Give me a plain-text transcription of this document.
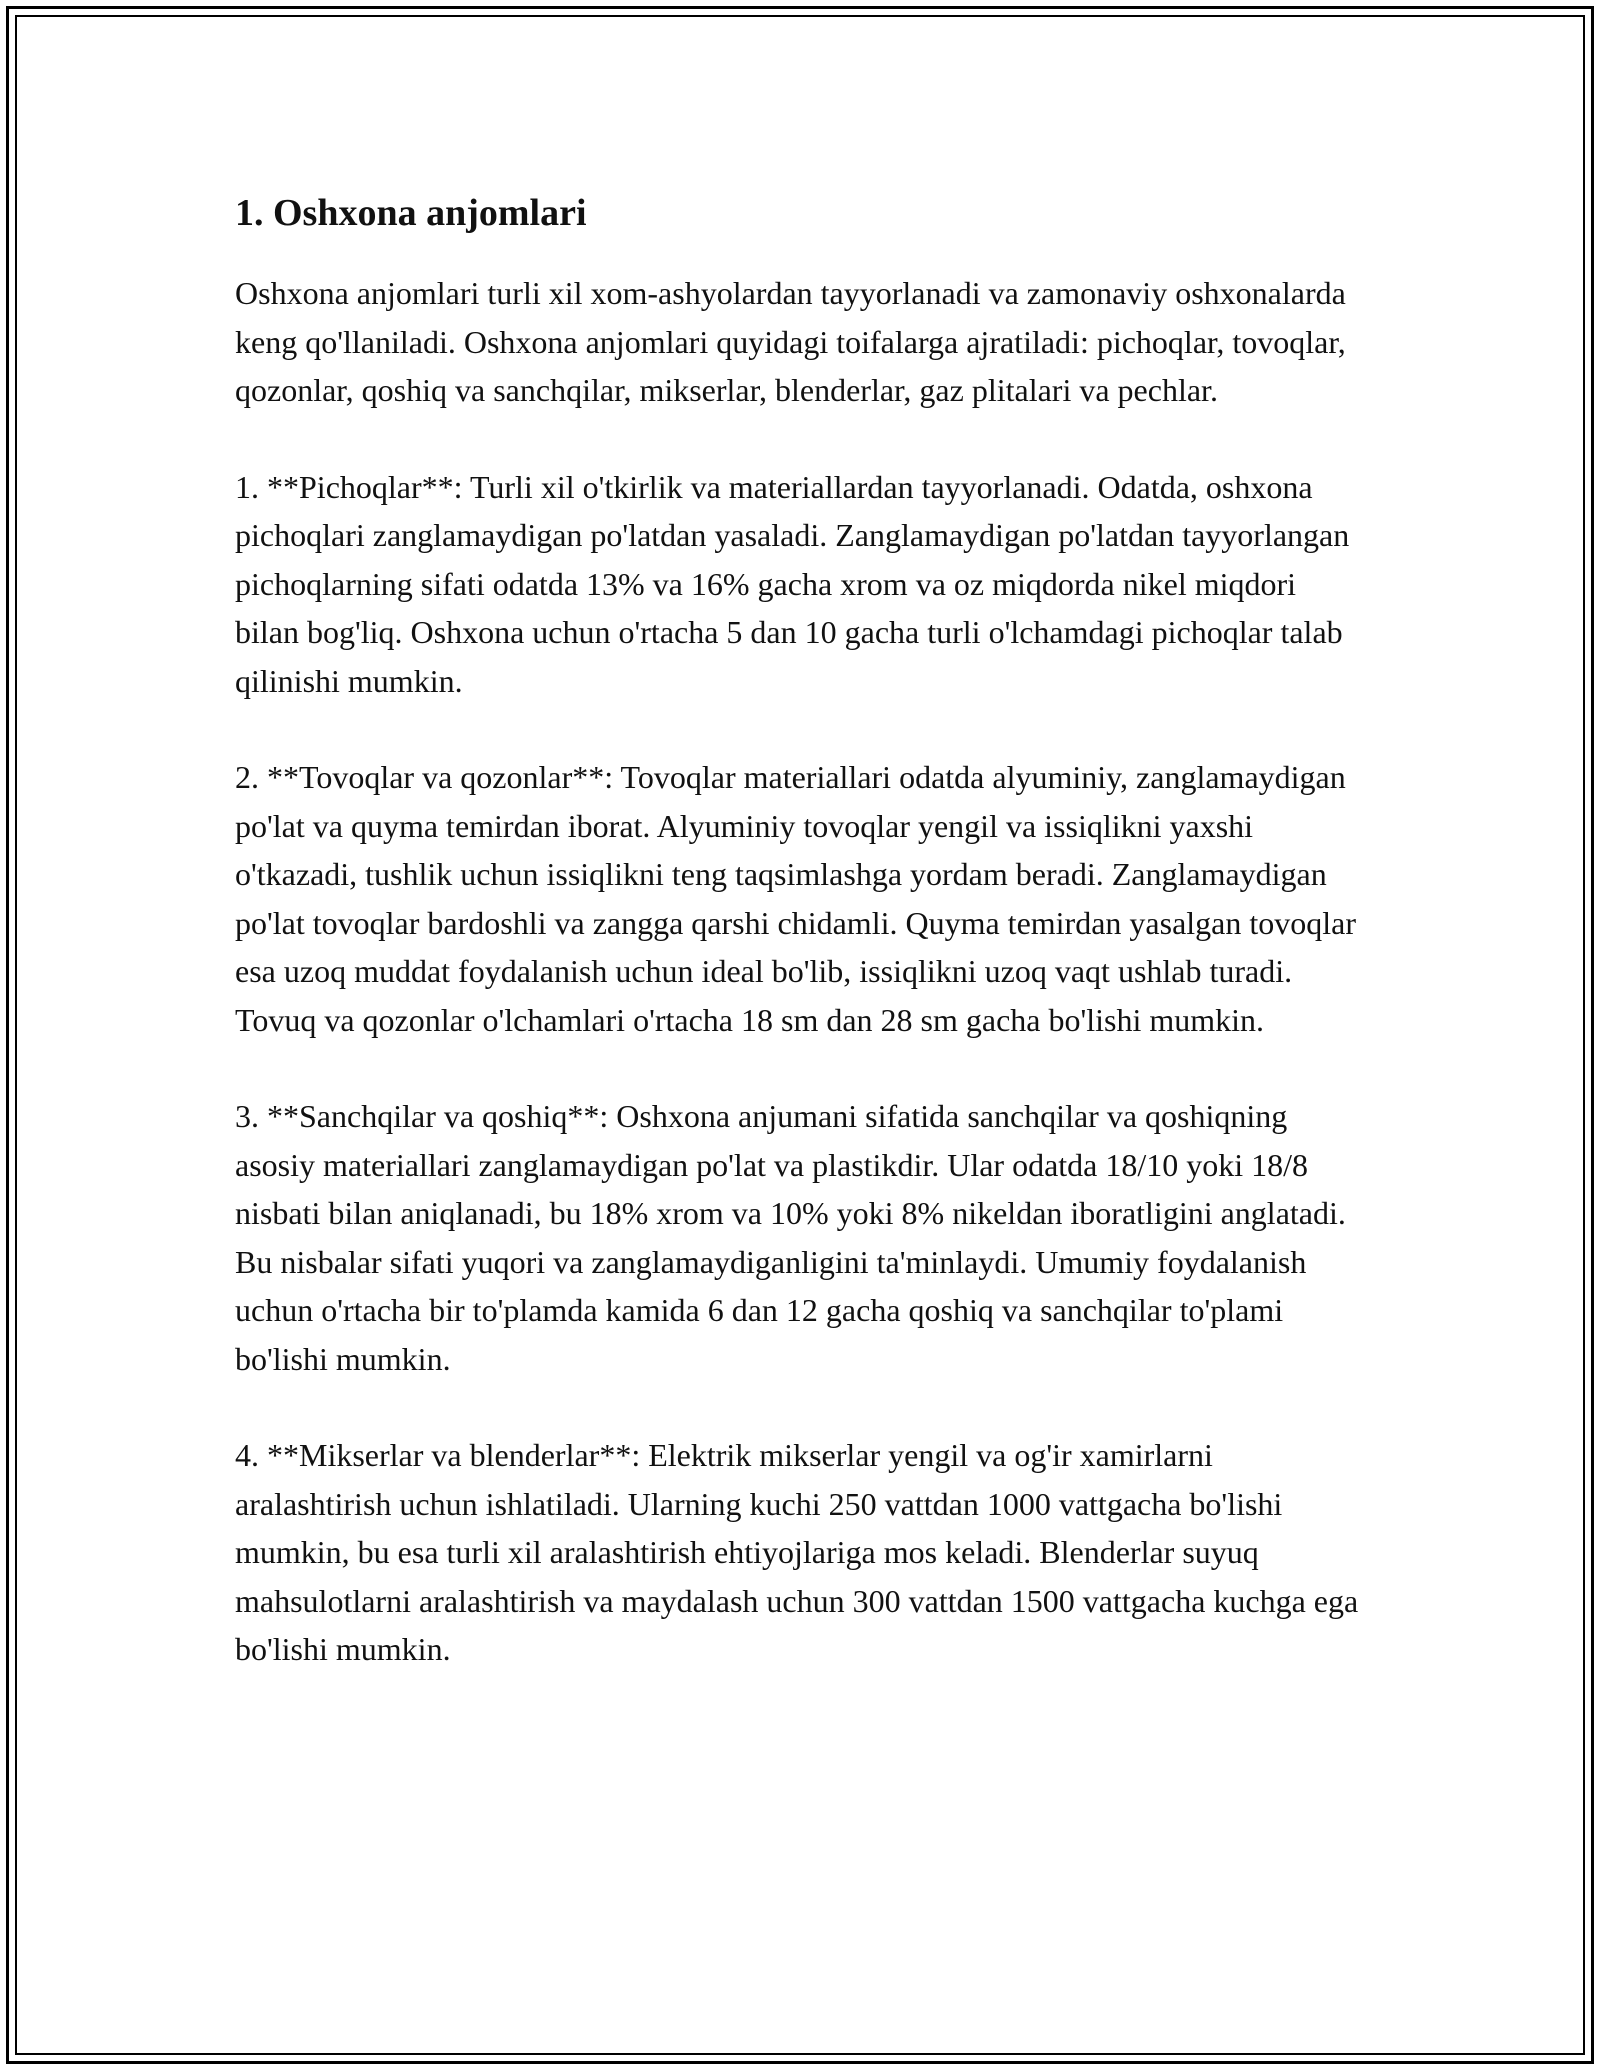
1. Oshxona anjomlari

Oshxona anjomlari turli xil xom-ashyolardan tayyorlanadi va zamonaviy oshxonalarda keng qo'llaniladi. Oshxona anjomlari quyidagi toifalarga ajratiladi: pichoqlar, tovoqlar, qozonlar, qoshiq va sanchqilar, mikserlar, blenderlar, gaz plitalari va pechlar.

1. **Pichoqlar**: Turli xil o'tkirlik va materiallardan tayyorlanadi. Odatda, oshxona pichoqlari zanglamaydigan po'latdan yasaladi. Zanglamaydigan po'latdan tayyorlangan pichoqlarning sifati odatda 13% va 16% gacha xrom va oz miqdorda nikel miqdori bilan bog'liq. Oshxona uchun o'rtacha 5 dan 10 gacha turli o'lchamdagi pichoqlar talab qilinishi mumkin.

2. **Tovoqlar va qozonlar**: Tovoqlar materiallari odatda alyuminiy, zanglamaydigan po'lat va quyma temirdan iborat. Alyuminiy tovoqlar yengil va issiqlikni yaxshi o'tkazadi, tushlik uchun issiqlikni teng taqsimlashga yordam beradi. Zanglamaydigan po'lat tovoqlar bardoshli va zangga qarshi chidamli. Quyma temirdan yasalgan tovoqlar esa uzoq muddat foydalanish uchun ideal bo'lib, issiqlikni uzoq vaqt ushlab turadi. Tovuq va qozonlar o'lchamlari o'rtacha 18 sm dan 28 sm gacha bo'lishi mumkin.

3. **Sanchqilar va qoshiq**: Oshxona anjumani sifatida sanchqilar va qoshiqning asosiy materiallari zanglamaydigan po'lat va plastikdir. Ular odatda 18/10 yoki 18/8 nisbati bilan aniqlanadi, bu 18% xrom va 10% yoki 8% nikeldan iboratligini anglatadi. Bu nisbalar sifati yuqori va zanglamaydiganligini ta'minlaydi. Umumiy foydalanish uchun o'rtacha bir to'plamda kamida 6 dan 12 gacha qoshiq va sanchqilar to'plami bo'lishi mumkin.

4. **Mikserlar va blenderlar**: Elektrik mikserlar yengil va og'ir xamirlarni aralashtirish uchun ishlatiladi. Ularning kuchi 250 vattdan 1000 vattgacha bo'lishi mumkin, bu esa turli xil aralashtirish ehtiyojlariga mos keladi. Blenderlar suyuq mahsulotlarni aralashtirish va maydalash uchun 300 vattdan 1500 vattgacha kuchga ega bo'lishi mumkin.
